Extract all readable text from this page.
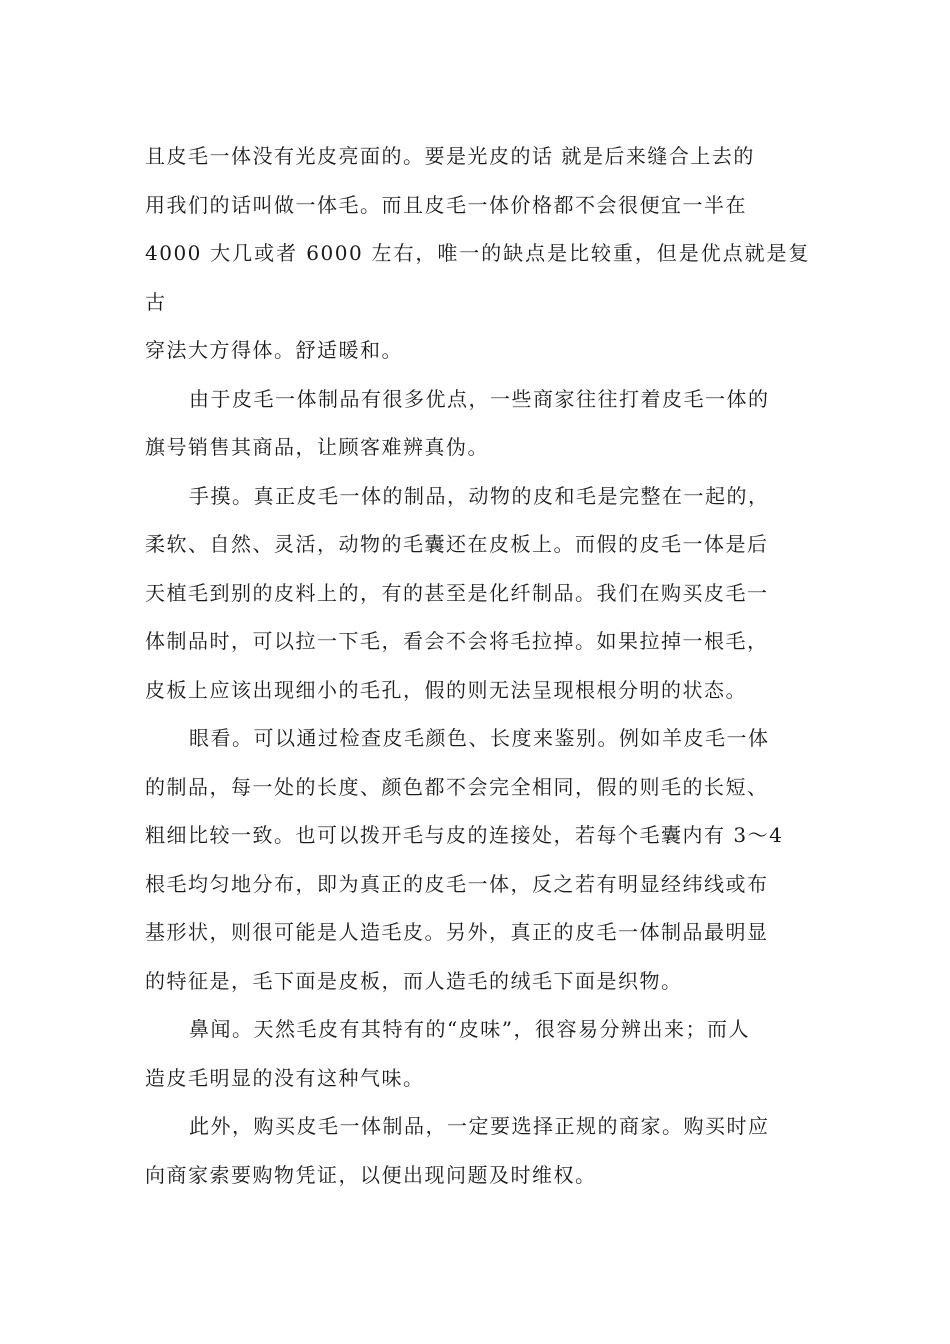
且皮毛一体没有光皮亮面的。要是光皮的话 就是后来缝合上去的
用我们的话叫做一体毛。而且皮毛一体价格都不会很便宜一半在
4000 大几或者 6000 左右，唯一的缺点是比较重，但是优点就是复古
穿法大方得体。舒适暖和。

由于皮毛一体制品有很多优点，一些商家往往打着皮毛一体的
旗号销售其商品，让顾客难辨真伪。

手摸。真正皮毛一体的制品，动物的皮和毛是完整在一起的，
柔软、自然、灵活，动物的毛囊还在皮板上。而假的皮毛一体是后
天植毛到别的皮料上的，有的甚至是化纤制品。我们在购买皮毛一
体制品时，可以拉一下毛，看会不会将毛拉掉。如果拉掉一根毛，
皮板上应该出现细小的毛孔，假的则无法呈现根根分明的状态。

眼看。可以通过检查皮毛颜色、长度来鉴别。例如羊皮毛一体
的制品，每一处的长度、颜色都不会完全相同，假的则毛的长短、
粗细比较一致。也可以拨开毛与皮的连接处，若每个毛囊内有 3～4
根毛均匀地分布，即为真正的皮毛一体，反之若有明显经纬线或布
基形状，则很可能是人造毛皮。另外，真正的皮毛一体制品最明显
的特征是，毛下面是皮板，而人造毛的绒毛下面是织物。

鼻闻。天然毛皮有其特有的“皮味”，很容易分辨出来；而人
造皮毛明显的没有这种气味。

此外，购买皮毛一体制品，一定要选择正规的商家。购买时应
向商家索要购物凭证，以便出现问题及时维权。
